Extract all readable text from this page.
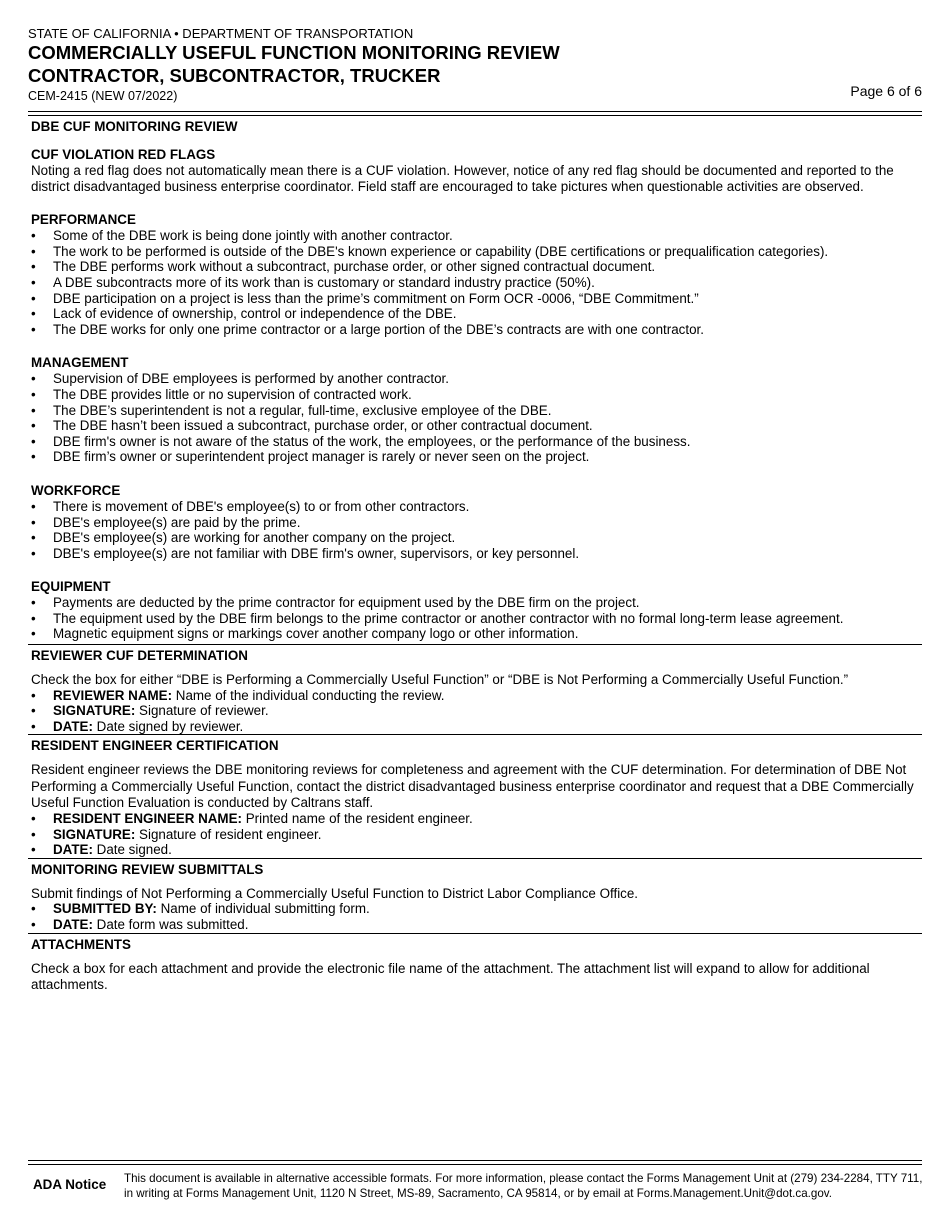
STATE OF CALIFORNIA • DEPARTMENT OF TRANSPORTATION
COMMERCIALLY USEFUL FUNCTION MONITORING REVIEW
CONTRACTOR, SUBCONTRACTOR, TRUCKER
CEM-2415 (NEW 07/2022)	Page 6 of 6
DBE CUF MONITORING REVIEW
CUF VIOLATION RED FLAGS

Noting a red flag does not automatically mean there is a CUF violation. However, notice of any red flag should be documented and reported to the district disadvantaged business enterprise coordinator. Field staff are encouraged to take pictures when questionable activities are observed.

PERFORMANCE
• Some of the DBE work is being done jointly with another contractor.
• The work to be performed is outside of the DBE's known experience or capability (DBE certifications or prequalification categories).
• The DBE performs work without a subcontract, purchase order, or other signed contractual document.
• A DBE subcontracts more of its work than is customary or standard industry practice (50%).
• DBE participation on a project is less than the prime’s commitment on Form OCR -0006, “DBE Commitment.”
• Lack of evidence of ownership, control or independence of the DBE.
• The DBE works for only one prime contractor or a large portion of the DBE’s contracts are with one contractor.
MANAGEMENT
• Supervision of DBE employees is performed by another contractor.
• The DBE provides little or no supervision of contracted work.
• The DBE’s superintendent is not a regular, full-time, exclusive employee of the DBE.
• The DBE hasn’t been issued a subcontract, purchase order, or other contractual document.
• DBE firm's owner is not aware of the status of the work, the employees, or the performance of the business.
• DBE firm’s owner or superintendent project manager is rarely or never seen on the project.
WORKFORCE
• There is movement of DBE's employee(s) to or from other contractors.
• DBE's employee(s) are paid by the prime.
• DBE's employee(s) are working for another company on the project.
• DBE's employee(s) are not familiar with DBE firm's owner, supervisors, or key personnel.
EQUIPMENT
• Payments are deducted by the prime contractor for equipment used by the DBE firm on the project.
• The equipment used by the DBE firm belongs to the prime contractor or another contractor with no formal long-term lease agreement.
• Magnetic equipment signs or markings cover another company logo or other information.
REVIEWER CUF DETERMINATION

Check the box for either “DBE is Performing a Commercially Useful Function” or “DBE is Not Performing a Commercially Useful Function.”

• REVIEWER NAME: Name of the individual conducting the review.
• SIGNATURE: Signature of reviewer.
• DATE: Date signed by reviewer.
RESIDENT ENGINEER CERTIFICATION

Resident engineer reviews the DBE monitoring reviews for completeness and agreement with the CUF determination. For determination of DBE Not Performing a Commercially Useful Function, contact the district disadvantaged business enterprise coordinator and request that a DBE Commercially Useful Function Evaluation is conducted by Caltrans staff.

• RESIDENT ENGINEER NAME: Printed name of the resident engineer.
• SIGNATURE: Signature of resident engineer.
• DATE: Date signed.
MONITORING REVIEW SUBMITTALS

Submit findings of Not Performing a Commercially Useful Function to District Labor Compliance Office.

• SUBMITTED BY: Name of individual submitting form.
• DATE: Date form was submitted.
ATTACHMENTS

Check a box for each attachment and provide the electronic file name of the attachment. The attachment list will expand to allow for additional attachments.

ADA Notice This document is available in alternative accessible formats. For more information, please contact the Forms Management Unit at (279) 234-2284, TTY 711, in writing at Forms Management Unit, 1120 N Street, MS-89, Sacramento, CA 95814, or by email at Forms.Management.Unit@dot.ca.gov.
